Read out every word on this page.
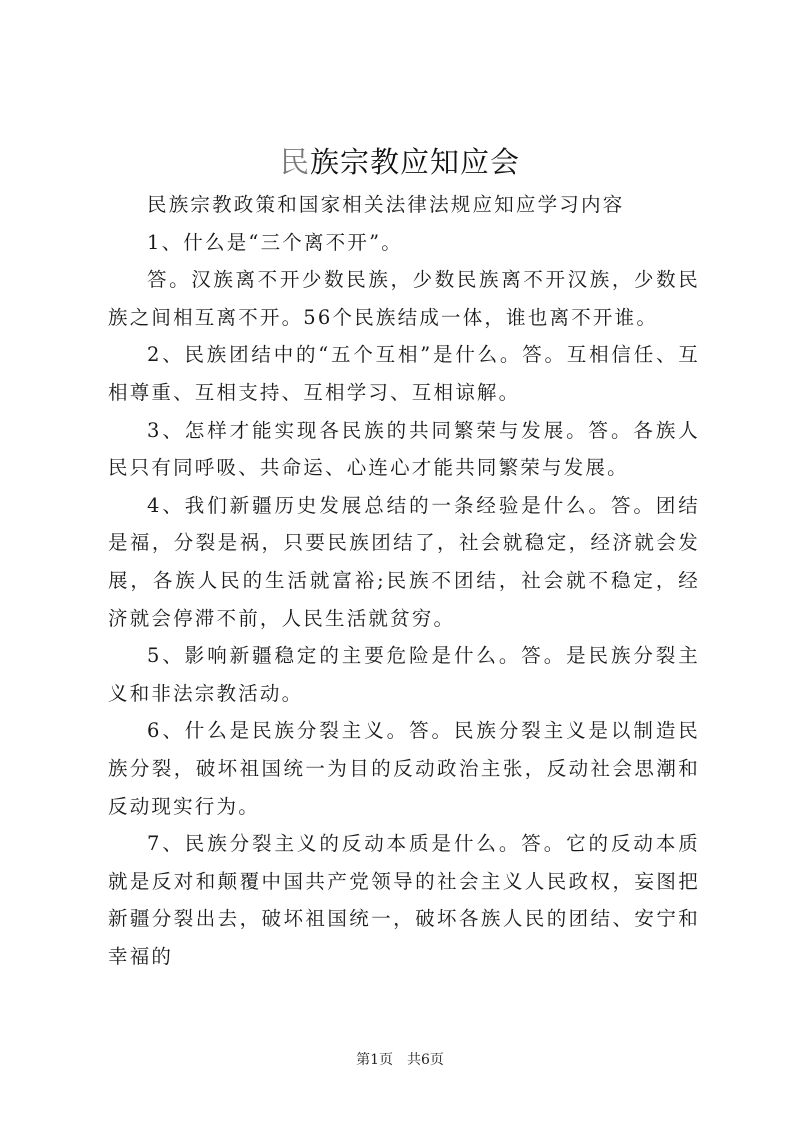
民族宗教应知应会

民族宗教政策和国家相关法律法规应知应学习内容

1、什么是“三个离不开”。

答。汉族离不开少数民族，少数民族离不开汉族，少数民族之间相互离不开。56个民族结成一体，谁也离不开谁。

2、民族团结中的“五个互相”是什么。答。互相信任、互相尊重、互相支持、互相学习、互相谅解。

3、怎样才能实现各民族的共同繁荣与发展。答。各族人民只有同呼吸、共命运、心连心才能共同繁荣与发展。

4、我们新疆历史发展总结的一条经验是什么。答。团结是福，分裂是祸，只要民族团结了，社会就稳定，经济就会发展，各族人民的生活就富裕;民族不团结，社会就不稳定，经济就会停滞不前，人民生活就贫穷。

5、影响新疆稳定的主要危险是什么。答。是民族分裂主义和非法宗教活动。

6、什么是民族分裂主义。答。民族分裂主义是以制造民族分裂，破坏祖国统一为目的反动政治主张，反动社会思潮和反动现实行为。

7、民族分裂主义的反动本质是什么。答。它的反动本质就是反对和颠覆中国共产党领导的社会主义人民政权，妄图把新疆分裂出去，破坏祖国统一，破坏各族人民的团结、安宁和幸福的

第1页 共6页
